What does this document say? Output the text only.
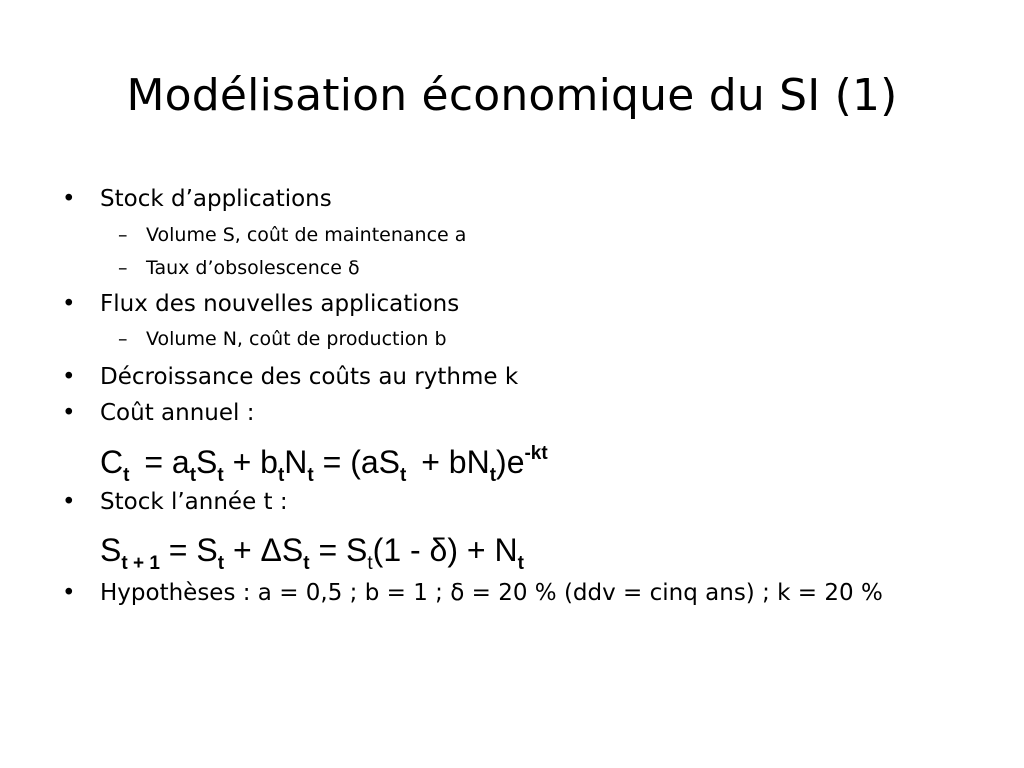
Modélisation économique du SI (1)
• Stock d’applications
– Volume S, coût de maintenance a
– Taux d’obsolescence δ
• Flux des nouvelles applications
– Volume N, coût de production b
• Décroissance des coûts au rythme k
• Coût annuel :
$C_t = a_tS_t + b_tN_t = (aS_t + bN_t)e^{-kt}$
• Stock l’année t :
$S_{t + 1} = S_t + \Delta S_t = S_t(1 - \delta) + N_t$
• Hypothèses : a = 0,5 ; b = 1 ; δ = 20 % (ddv = cinq ans) ; k = 20 %
